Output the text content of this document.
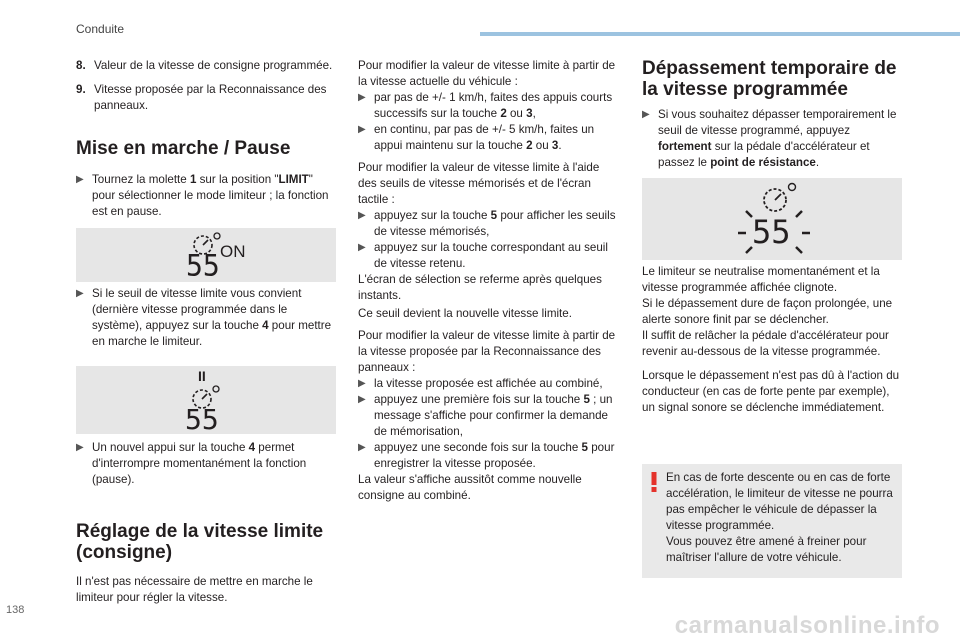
Conduite
8. Valeur de la vitesse de consigne programmée.
9. Vitesse proposée par la Reconnaissance des panneaux.
Mise en marche / Pause
▶ Tournez la molette 1 sur la position "LIMIT" pour sélectionner le mode limiteur ; la fonction est en pause.
55 ON
▶ Si le seuil de vitesse limite vous convient (dernière vitesse programmée dans le système), appuyez sur la touche 4 pour mettre en marche le limiteur.
II
55
▶ Un nouvel appui sur la touche 4 permet d'interrompre momentanément la fonction (pause).
Réglage de la vitesse limite (consigne)

Il n'est pas nécessaire de mettre en marche le limiteur pour régler la vitesse.

Pour modifier la valeur de vitesse limite à partir de la vitesse actuelle du véhicule :

▶ par pas de +/- 1 km/h, faites des appuis courts successifs sur la touche 2 ou 3,
▶ en continu, par pas de +/- 5 km/h, faites un appui maintenu sur la touche 2 ou 3.

Pour modifier la valeur de vitesse limite à l'aide des seuils de vitesse mémorisés et de l'écran tactile :

▶ appuyez sur la touche 5 pour afficher les seuils de vitesse mémorisés,
▶ appuyez sur la touche correspondant au seuil de vitesse retenu.

L'écran de sélection se referme après quelques instants.

Ce seuil devient la nouvelle vitesse limite.

Pour modifier la valeur de vitesse limite à partir de la vitesse proposée par la Reconnaissance des panneaux :

▶ la vitesse proposée est affichée au combiné,
▶ appuyez une première fois sur la touche 5 ; un message s'affiche pour confirmer la demande de mémorisation,
▶ appuyez une seconde fois sur la touche 5 pour enregistrer la vitesse proposée.

La valeur s'affiche aussitôt comme nouvelle consigne au combiné.

Dépassement temporaire de la vitesse programmée
▶ Si vous souhaitez dépasser temporairement le seuil de vitesse programmé, appuyez fortement sur la pédale d'accélérateur et passez le point de résistance.
55

Le limiteur se neutralise momentanément et la vitesse programmée affichée clignote.

Si le dépassement dure de façon prolongée, une alerte sonore finit par se déclencher.

Il suffit de relâcher la pédale d'accélérateur pour revenir au-dessous de la vitesse programmée.

Lorsque le dépassement n'est pas dû à l'action du conducteur (en cas de forte pente par exemple), un signal sonore se déclenche immédiatement.

En cas de forte descente ou en cas de forte accélération, le limiteur de vitesse ne pourra pas empêcher le véhicule de dépasser la vitesse programmée.

Vous pouvez être amené à freiner pour maîtriser l'allure de votre véhicule.

138
carmanualsonline.info
